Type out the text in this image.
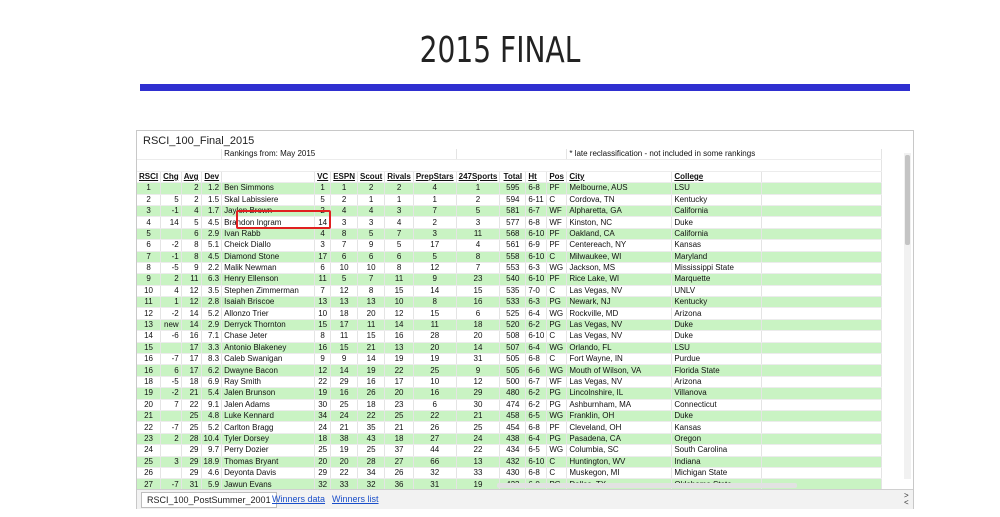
2015 FINAL
RSCI_100_Final_2015
				Rankings from: May 2015										* late reclassification - not included in some rankings		

RSCI	Chg	Avg	Dev		VC	ESPN	Scout	Rivals	PrepStars	247Sports	Total	Ht	Pos	City	College	
1		2	1.2	Ben Simmons	1	1	2	2	4	1	595	6-8	PF	Melbourne, AUS	LSU	
2	5	2	1.5	Skal Labissiere	5	2	1	1	1	2	594	6-11	C	Cordova, TN	Kentucky	
3	-1	4	1.7	Jaylen Brown	2	4	4	3	7	5	581	6-7	WF	Alpharetta, GA	California	
4	14	5	4.5	Brandon Ingram	14	3	3	4	2	3	577	6-8	WF	Kinston, NC	Duke	
5		6	2.9	Ivan Rabb	4	8	5	7	3	11	568	6-10	PF	Oakland, CA	California	
6	-2	8	5.1	Cheick Diallo	3	7	9	5	17	4	561	6-9	PF	Centereach, NY	Kansas	
7	-1	8	4.5	Diamond Stone	17	6	6	6	5	8	558	6-10	C	Milwaukee, WI	Maryland	
8	-5	9	2.2	Malik Newman	6	10	10	8	12	7	553	6-3	WG	Jackson, MS	Mississippi State	
9	2	11	6.3	Henry Ellenson	11	5	7	11	9	23	540	6-10	PF	Rice Lake, WI	Marquette	
10	4	12	3.5	Stephen Zimmerman	7	12	8	15	14	15	535	7-0	C	Las Vegas, NV	UNLV	
11	1	12	2.8	Isaiah Briscoe	13	13	13	10	8	16	533	6-3	PG	Newark, NJ	Kentucky	
12	-2	14	5.2	Allonzo Trier	10	18	20	12	15	6	525	6-4	WG	Rockville, MD	Arizona	
13	new	14	2.9	Derryck Thornton	15	17	11	14	11	18	520	6-2	PG	Las Vegas, NV	Duke	
14	-6	16	7.1	Chase Jeter	8	11	15	16	28	20	508	6-10	C	Las Vegas, NV	Duke	
15		17	3.3	Antonio Blakeney	16	15	21	13	20	14	507	6-4	WG	Orlando, FL	LSU	
16	-7	17	8.3	Caleb Swanigan	9	9	14	19	19	31	505	6-8	C	Fort Wayne, IN	Purdue	
16	6	17	6.2	Dwayne Bacon	12	14	19	22	25	9	505	6-6	WG	Mouth of Wilson, VA	Florida State	
18	-5	18	6.9	Ray Smith	22	29	16	17	10	12	500	6-7	WF	Las Vegas, NV	Arizona	
19	-2	21	5.4	Jalen Brunson	19	16	26	20	16	29	480	6-2	PG	Lincolnshire, IL	Villanova	
20	7	22	9.1	Jalen Adams	30	25	18	23	6	30	474	6-2	PG	Ashburnham, MA	Connecticut	
21		25	4.8	Luke Kennard	34	24	22	25	22	21	458	6-5	WG	Franklin, OH	Duke	
22	-7	25	5.2	Carlton Bragg	24	21	35	21	26	25	454	6-8	PF	Cleveland, OH	Kansas	
23	2	28	10.4	Tyler Dorsey	18	38	43	18	27	24	438	6-4	PG	Pasadena, CA	Oregon	
24		29	9.7	Perry Dozier	25	19	25	37	44	22	434	6-5	WG	Columbia, SC	South Carolina	
25	3	29	18.9	Thomas Bryant	20	20	28	27	66	13	432	6-10	C	Huntington, WV	Indiana	
26		29	4.6	Deyonta Davis	29	22	34	26	32	33	430	6-8	C	Muskegon, MI	Michigan State	
27	-7	31	5.9	Jawun Evans	32	33	32	36	31	19						
RSCI_100_PostSummer_2001 Winners data Winners list	>
<
